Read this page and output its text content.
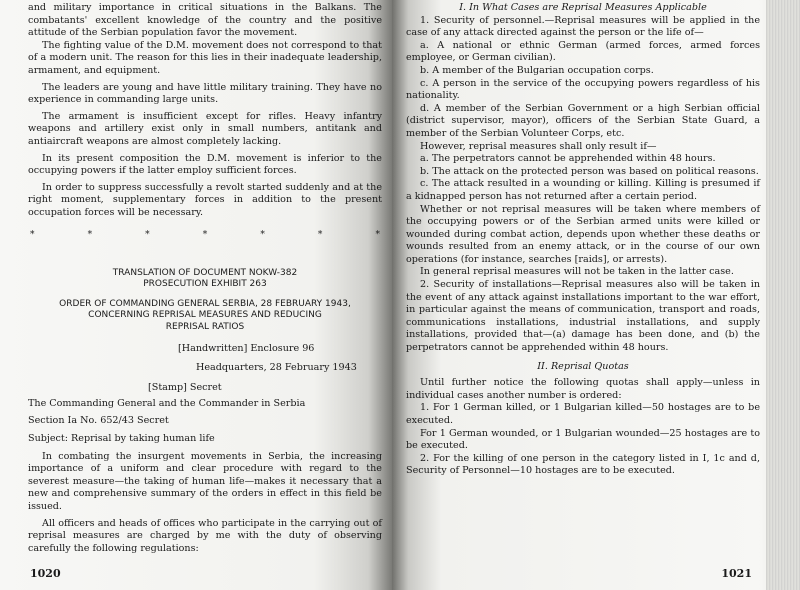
and military importance in critical situations in the Balkans. The combatants' excellent knowledge of the country and the positive attitude of the Serbian population favor the movement.

The fighting value of the D.M. movement does not correspond to that of a modern unit. The reason for this lies in their inadequate leadership, armament, and equipment.

The leaders are young and have little military training. They have no experience in commanding large units.

The armament is insufficient except for rifles. Heavy infantry weapons and artillery exist only in small numbers, antitank and antiaircraft weapons are almost completely lacking.

In its present composition the D.M. movement is inferior to the occupying powers if the latter employ sufficient forces.

In order to suppress successfully a revolt started suddenly and at the right moment, supplementary forces in addition to the present occupation forces will be necessary.

*	*	*	*	*	*	*

TRANSLATION OF DOCUMENT NOKW-382

PROSECUTION EXHIBIT 263

ORDER OF COMMANDING GENERAL SERBIA, 28 FEBRUARY 1943,

CONCERNING REPRISAL MEASURES AND REDUCING

REPRISAL RATIOS

[Handwritten] Enclosure 96

Headquarters, 28 February 1943

[Stamp] Secret

The Commanding General and the Commander in Serbia

Section Ia No. 652/43 Secret

Subject: Reprisal by taking human life

In combating the insurgent movements in Serbia, the increasing importance of a uniform and clear procedure with regard to the severest measure—the taking of human life—makes it necessary that a new and comprehensive summary of the orders in effect in this field be issued.

All officers and heads of offices who participate in the carrying out of reprisal measures are charged by me with the duty of observing carefully the following regulations:

1020

I. In What Cases are Reprisal Measures Applicable

1. Security of personnel.—Reprisal measures will be applied in the case of any attack directed against the person or the life of—

a. A national or ethnic German (armed forces, armed forces employee, or German civilian).

b. A member of the Bulgarian occupation corps.

c. A person in the service of the occupying powers regardless of his nationality.

d. A member of the Serbian Government or a high Serbian official (district supervisor, mayor), officers of the Serbian State Guard, a member of the Serbian Volunteer Corps, etc.

However, reprisal measures shall only result if—

a. The perpetrators cannot be apprehended within 48 hours.

b. The attack on the protected person was based on political reasons.

c. The attack resulted in a wounding or killing. Killing is presumed if a kidnapped person has not returned after a certain period.

Whether or not reprisal measures will be taken where members of the occupying powers or of the Serbian armed units were killed or wounded during combat action, depends upon whether these deaths or wounds resulted from an enemy attack, or in the course of our own operations (for instance, searches [raids], or arrests).

In general reprisal measures will not be taken in the latter case.

2. Security of installations—Reprisal measures also will be taken in the event of any attack against installations important to the war effort, in particular against the means of communication, transport and roads, communications installations, industrial installations, and supply installations, provided that—(a) damage has been done, and (b) the perpetrators cannot be apprehended within 48 hours.

II. Reprisal Quotas

Until further notice the following quotas shall apply—unless in individual cases another number is ordered:

1. For 1 German killed, or 1 Bulgarian killed—50 hostages are to be executed.

For 1 German wounded, or 1 Bulgarian wounded—25 hostages are to be executed.

2. For the killing of one person in the category listed in I, 1c and d, Security of Personnel—10 hostages are to be executed.

1021
